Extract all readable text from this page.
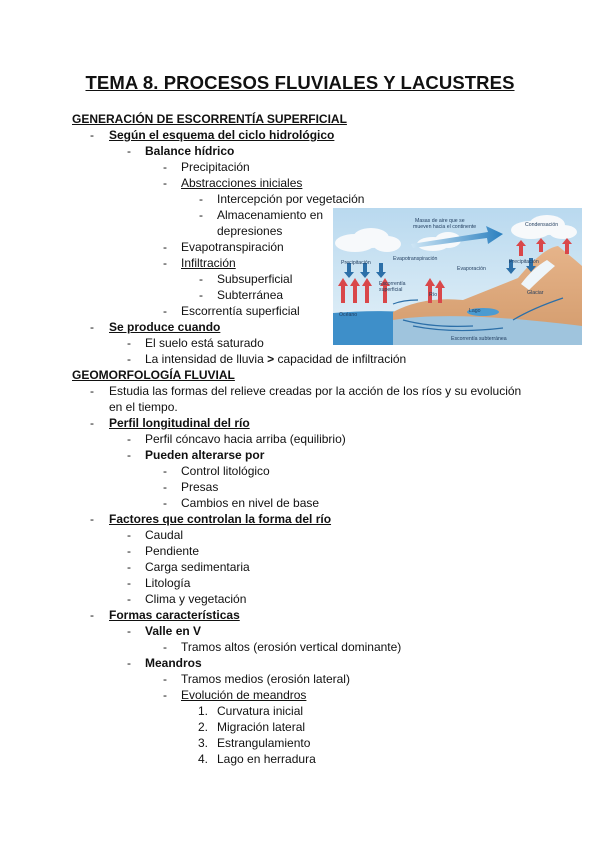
TEMA 8. PROCESOS FLUVIALES Y LACUSTRES
GENERACIÓN DE ESCORRENTÍA SUPERFICIAL
- Según el esquema del ciclo hidrológico
- Balance hídrico
- Precipitación
- Abstracciones iniciales
- Intercepción por vegetación
- Almacenamiento en
depresiones
- Evapotranspiración
- Infiltración
- Subsuperficial
- Subterránea
- Escorrentía superficial
- Se produce cuando
- El suelo está saturado
- La intensidad de lluvia > capacidad de infiltración
Masas de aire que se
mueven hacia el continente	Condensación
Precipitación
Evapotranspiración
Evaporación
Precipitación
Escorrentía
superficial
Río	Glaciar
Océano
Lago
Escorrentía subterránea
GEOMORFOLOGÍA FLUVIAL
- Estudia las formas del relieve creadas por la acción de los ríos y su evolución
en el tiempo.
- Perfil longitudinal del río
- Perfil cóncavo hacia arriba (equilibrio)
- Pueden alterarse por
- Control litológico
- Presas
- Cambios en nivel de base
- Factores que controlan la forma del río
- Caudal
- Pendiente
- Carga sedimentaria
- Litología
- Clima y vegetación
- Formas características
- Valle en V
- Tramos altos (erosión vertical dominante)
- Meandros
- Tramos medios (erosión lateral)
- Evolución de meandros
1. Curvatura inicial
2. Migración lateral
3. Estrangulamiento
4. Lago en herradura
